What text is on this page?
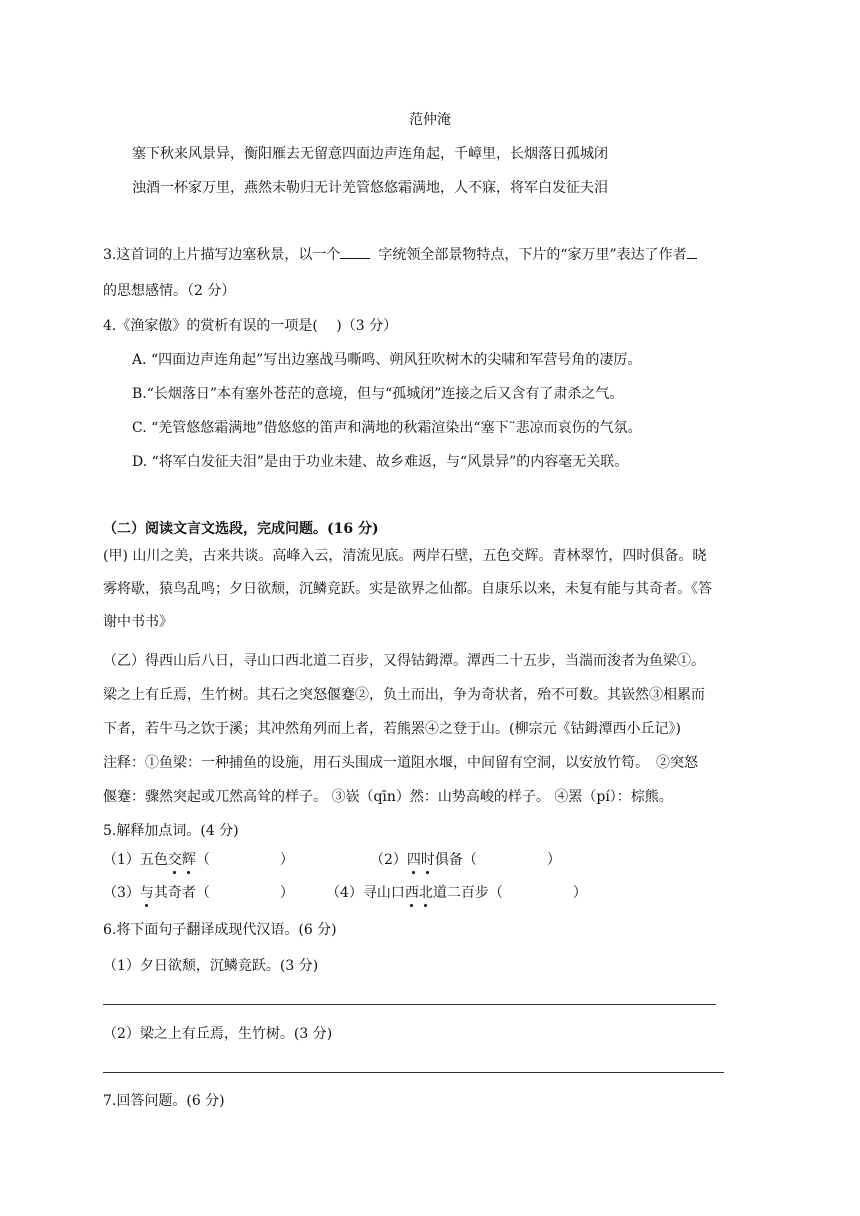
范仲淹
塞下秋来风景异，衡阳雁去无留意四面边声连角起，千嶂里，长烟落日孤城闭
浊酒一杯家万里，燕然未勒归无计羌管悠悠霜满地，人不寐，将军白发征夫泪
3.这首词的上片描写边塞秋景，以一个	字统领全部景物特点，下片的“家万里”表达了作者
的思想感情。（2 分）
4.《渔家傲》的赏析有误的一项是(　 )（3 分）
A. “四面边声连角起”写出边塞战马嘶鸣、朔风狂吹树木的尖啸和军营号角的凄厉。
B.“长烟落日”本有塞外苍茫的意境，但与“孤城闭”连接之后又含有了肃杀之气。
C. “羌管悠悠霜满地”借悠悠的笛声和满地的秋霜渲染出“塞下¨悲凉而哀伤的气氛。
D. “将军白发征夫泪”是由于功业未建、故乡难返，与“风景异”的内容毫无关联。
（二）阅读文言文选段，完成问题。(16 分)
(甲) 山川之美，古来共谈。高峰入云，清流见底。两岸石壁，五色交辉。青林翠竹，四时俱备。晓
雾将歇，猿鸟乱鸣；夕日欲颓，沉鳞竞跃。实是欲界之仙都。自康乐以来，未复有能与其奇者。《答
谢中书书》
（乙）得西山后八日，寻山口西北道二百步，又得钴鉧潭。潭西二十五步，当湍而浚者为鱼梁①。
梁之上有丘焉，生竹树。其石之突怒偃蹇②，负土而出，争为奇状者，殆不可数。其嵚然③相累而
下者，若牛马之饮于溪；其冲然角列而上者，若熊罴④之登于山。(柳宗元《钴鉧潭西小丘记》)
注释：①鱼梁：一种捕鱼的设施，用石头围成一道阻水堰，中间留有空洞，以安放竹笱。　②突怒
偃蹇：骤然突起或兀然高耸的样子。 ③嵚（qīn）然：山势高峻的样子。 ④罴（pí）：棕熊。
5.解释加点词。(4 分)
（1）五色交辉（　　　　　）	（2）四时俱备（　　　　　）
（3）与其奇者（　　　　　） （4）寻山口西北道二百步（　　　　　）
6.将下面句子翻译成现代汉语。(6 分)
（1）夕日欲颓，沉鳞竞跃。(3 分)
（2）梁之上有丘焉，生竹树。(3 分)
7.回答问题。(6 分)
